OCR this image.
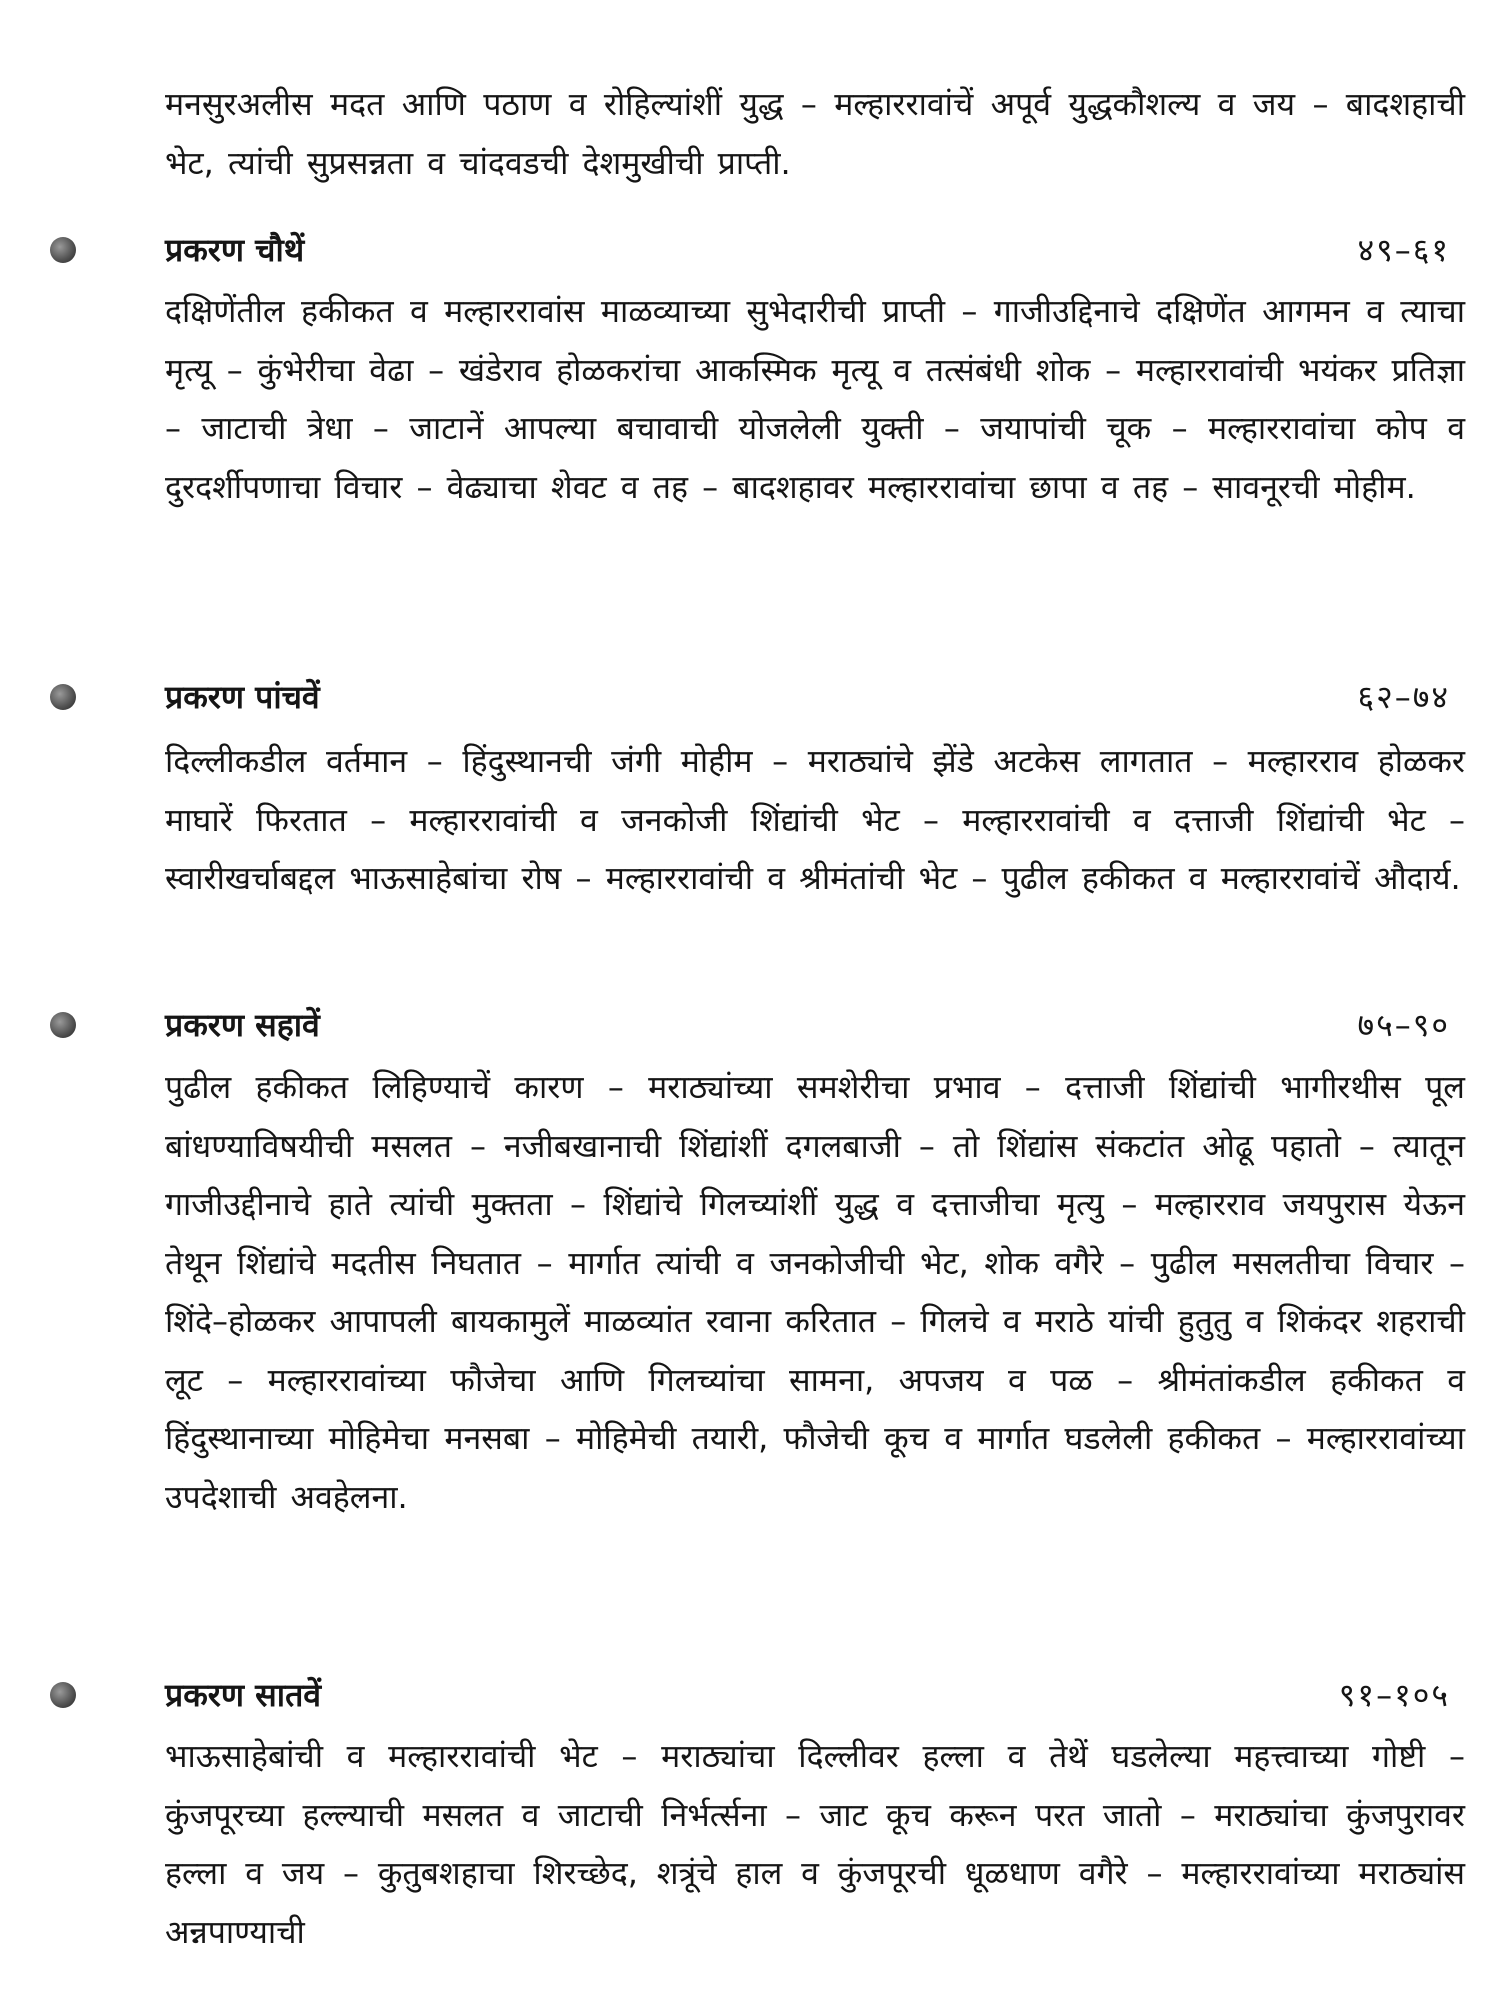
मनसुरअलीस मदत आणि पठाण व रोहिल्यांशीं युद्ध – मल्हाररावांचें अपूर्व युद्धकौशल्य व जय – बादशहाची भेट, त्यांची सुप्रसन्नता व चांदवडची देशमुखीची प्राप्ती.

प्रकरण चौथें	४९–६१

दक्षिणेंतील हकीकत व मल्हाररावांस माळव्याच्या सुभेदारीची प्राप्ती – गाजीउद्दिनाचे दक्षिणेंत आगमन व त्याचा मृत्यू – कुंभेरीचा वेढा – खंडेराव होळकरांचा आकस्मिक मृत्यू व तत्संबंधी शोक – मल्हाररावांची भयंकर प्रतिज्ञा – जाटाची त्रेधा – जाटानें आपल्या बचावाची योजलेली युक्ती – जयापांची चूक – मल्हाररावांचा कोप व दुरदर्शीपणाचा विचार – वेढ्याचा शेवट व तह – बादशहावर मल्हाररावांचा छापा व तह – सावनूरची मोहीम.

प्रकरण पांचवें	६२–७४

दिल्लीकडील वर्तमान – हिंदुस्थानची जंगी मोहीम – मराठ्यांचे झेंडे अटकेस लागतात – मल्हारराव होळकर माघारें फिरतात – मल्हाररावांची व जनकोजी शिंद्यांची भेट – मल्हाररावांची व दत्ताजी शिंद्यांची भेट – स्वारीखर्चाबद्दल भाऊसाहेबांचा रोष – मल्हाररावांची व श्रीमंतांची भेट – पुढील हकीकत व मल्हाररावांचें औदार्य.

प्रकरण सहावें	७५–९०

पुढील हकीकत लिहिण्याचें कारण – मराठ्यांच्या समशेरीचा प्रभाव – दत्ताजी शिंद्यांची भागीरथीस पूल बांधण्याविषयीची मसलत – नजीबखानाची शिंद्यांशीं दगलबाजी – तो शिंद्यांस संकटांत ओढू पहातो – त्यातून गाजीउद्दीनाचे हाते त्यांची मुक्तता – शिंद्यांचे गिलच्यांशीं युद्ध व दत्ताजीचा मृत्यु – मल्हारराव जयपुरास येऊन तेथून शिंद्यांचे मदतीस निघतात – मार्गात त्यांची व जनकोजीची भेट, शोक वगैरे – पुढील मसलतीचा विचार – शिंदे–होळकर आपापली बायकामुलें माळव्यांत रवाना करितात – गिलचे व मराठे यांची हुतुतु व शिकंदर शहराची लूट – मल्हाररावांच्या फौजेचा आणि गिलच्यांचा सामना, अपजय व पळ – श्रीमंतांकडील हकीकत व हिंदुस्थानाच्या मोहिमेचा मनसबा – मोहिमेची तयारी, फौजेची कूच व मार्गात घडलेली हकीकत – मल्हाररावांच्या उपदेशाची अवहेलना.

प्रकरण सातवें	९१–१०५

भाऊसाहेबांची व मल्हाररावांची भेट – मराठ्यांचा दिल्लीवर हल्ला व तेथें घडलेल्या महत्त्वाच्या गोष्टी – कुंजपूरच्या हल्ल्याची मसलत व जाटाची निर्भर्त्सना – जाट कूच करून परत जातो – मराठ्यांचा कुंजपुरावर हल्ला व जय – कुतुबशहाचा शिरच्छेद, शत्रूंचे हाल व कुंजपूरची धूळधाण वगैरे – मल्हाररावांच्या मराठ्यांस अन्नपाण्याची
